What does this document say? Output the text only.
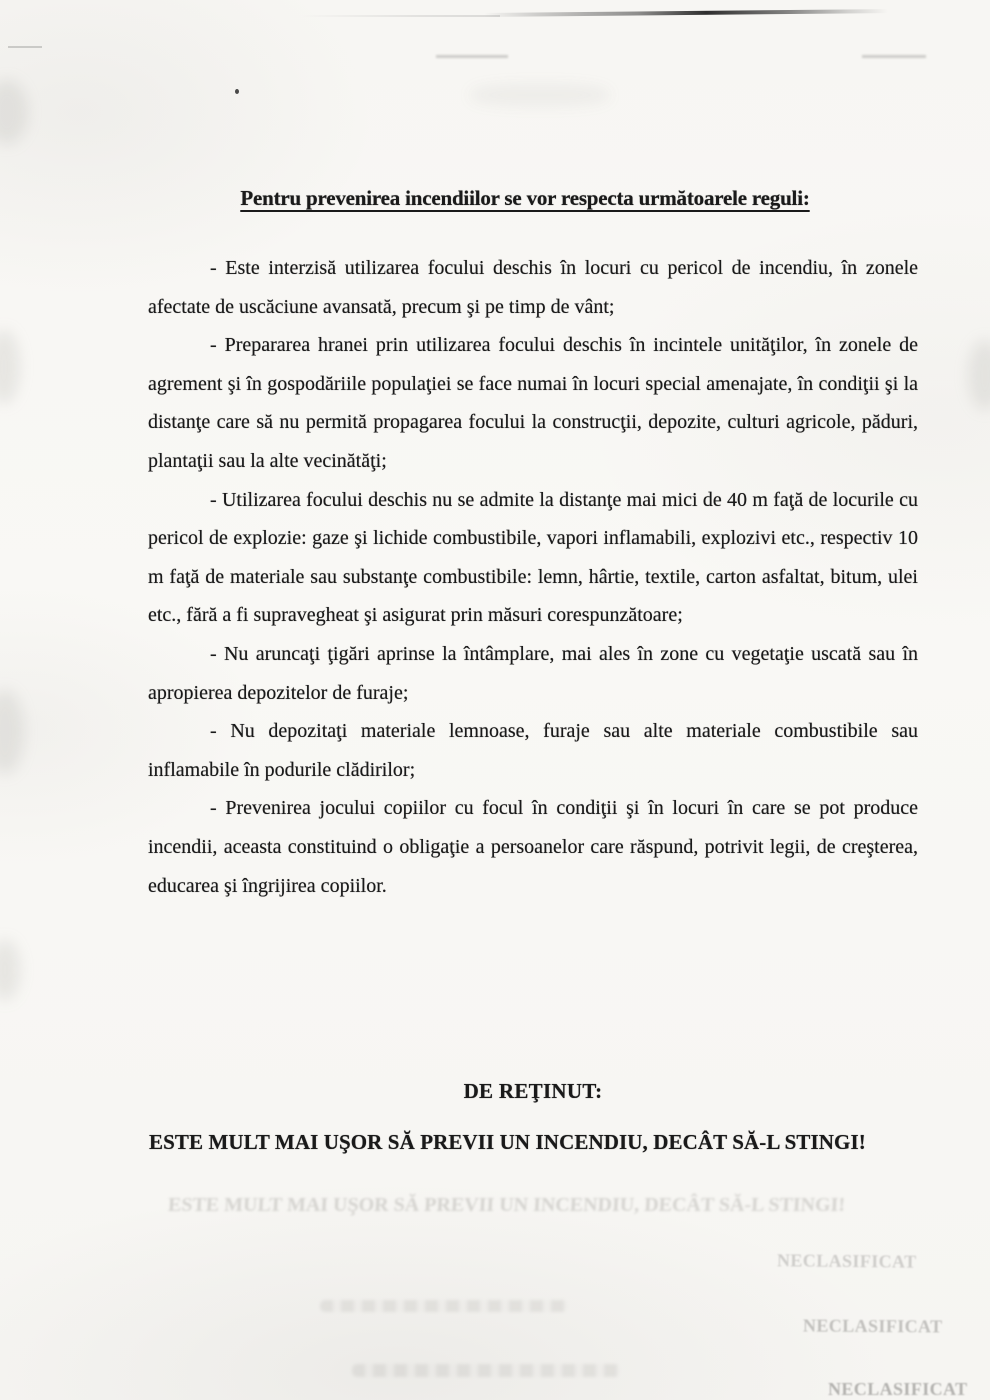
Pentru prevenirea incendiilor se vor respecta următoarele reguli:

- Este interzisă utilizarea focului deschis în locuri cu pericol de incendiu, în zonele afectate de uscăciune avansată, precum şi pe timp de vânt;

- Prepararea hranei prin utilizarea focului deschis în incintele unităţilor, în zonele de agrement şi în gospodăriile populaţiei se face numai în locuri special amenajate, în condiţii şi la distanţe care să nu permită propagarea focului la construcţii, depozite, culturi agricole, păduri, plantaţii sau la alte vecinătăţi;

- Utilizarea focului deschis nu se admite la distanţe mai mici de 40 m faţă de locurile cu pericol de explozie: gaze şi lichide combustibile, vapori inflamabili, explozivi etc., respectiv 10 m faţă de materiale sau substanţe combustibile: lemn, hârtie, textile, carton asfaltat, bitum, ulei etc., fără a fi supravegheat şi asigurat prin măsuri corespunzătoare;

- Nu aruncaţi ţigări aprinse la întâmplare, mai ales în zone cu vegetaţie uscată sau în apropierea depozitelor de furaje;

- Nu depozitaţi materiale lemnoase, furaje sau alte materiale combustibile sau inflamabile în podurile clădirilor;

- Prevenirea jocului copiilor cu focul în condiţii şi în locuri în care se pot produce incendii, aceasta constituind o obligaţie a persoanelor care răspund, potrivit legii, de creşterea, educarea şi îngrijirea copiilor.

DE REŢINUT:

ESTE MULT MAI UŞOR SĂ PREVII UN INCENDIU, DECÂT SĂ-L STINGI!

ESTE MULT MAI UŞOR SĂ PREVII UN INCENDIU, DECÂT SĂ-L STINGI!

NECLASIFICAT
NECLASIFICAT
NECLASIFICAT
